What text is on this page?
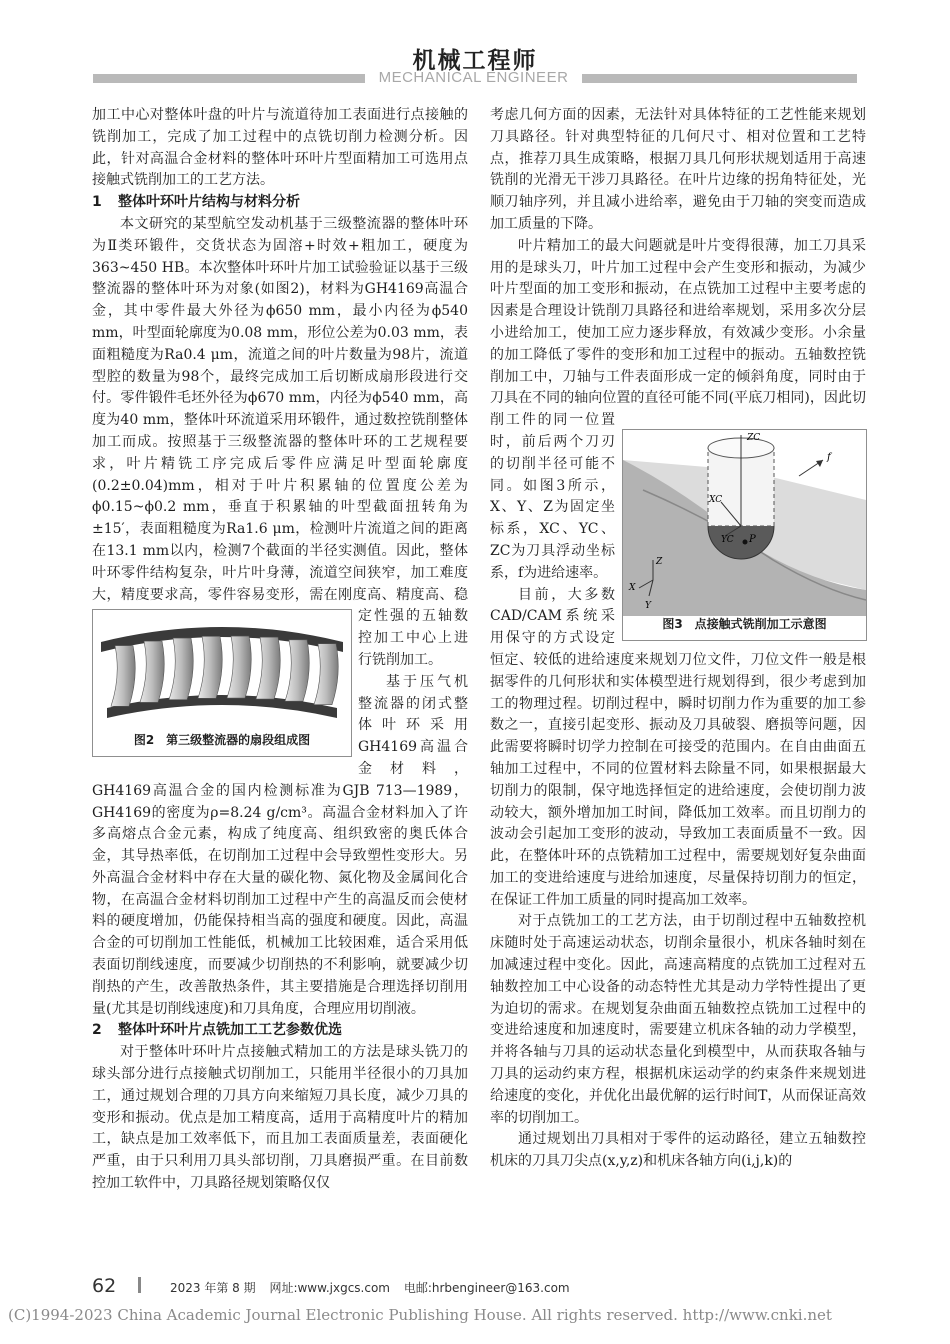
机械工程师
MECHANICAL ENGINEER

加工中心对整体叶盘的叶片与流道待加工表面进行点接触的铣削加工，完成了加工过程中的点铣切削力检测分析。因此，针对高温合金材料的整体叶环叶片型面精加工可选用点接触式铣削加工的工艺方法。

1 整体叶环叶片结构与材料分析

本文研究的某型航空发动机基于三级整流器的整体叶环为Ⅱ类环锻件，交货状态为固溶+时效+粗加工，硬度为363~450 HB。本次整体叶环叶片加工试验验证以基于三级整流器的整体叶环为对象(如图2)，材料为GH4169高温合金，其中零件最大外径为ϕ650 mm，最小内径为ϕ540 mm，叶型面轮廓度为0.08 mm，形位公差为0.03 mm，表面粗糙度为Ra0.4 μm，流道之间的叶片数量为98片，流道型腔的数量为98个，最终完成加工后切断成扇形段进行交付。零件锻件毛坯外径为ϕ670 mm，内径为ϕ540 mm，高度为40 mm，整体叶环流道采用环锻件，通过数控铣削整体加工而成。按照基于三级整流器的整体叶环的工艺规程要求，叶片精铣工序完成后零件应满足叶型面轮廓度(0.2±0.04)mm，相对于叶片积累轴的位置度公差为ϕ0.15~ϕ0.2 mm，垂直于积累轴的叶型截面扭转角为±15′，表面粗糙度为Ra1.6 μm，检测叶片流道之间的距离在13.1 mm以内，检测7个截面的半径实测值。因此，整体叶环零件结构复杂，叶片叶身薄，流道空间狭窄，加工难度大，精度要求高，零件容易变形，需在刚度高、精度高、稳定性强的五轴数控加工中心上进行铣削加工。

基于压气机整流器的闭式整体叶环采用GH4169高温合金材料，GH4169高温合金的国内检测标准为GJB 713—1989，GH4169的密度为ρ=8.24 g/cm³。高温合金材料加入了许多高熔点合金元素，构成了纯度高、组织致密的奥氏体合金，其导热率低，在切削加工过程中会导致塑性变形大。另外高温合金材料中存在大量的碳化物、氮化物及金属间化合物，在高温合金材料切削加工过程中产生的高温反而会使材料的硬度增加，仍能保持相当高的强度和硬度。因此，高温合金的可切削加工性能低，机械加工比较困难，适合采用低表面切削线速度，而要减少切削热的不利影响，就要减少切削热的产生，改善散热条件，其主要措施是合理选择切削用量(尤其是切削线速度)和刀具角度，合理应用切削液。

2 整体叶环叶片点铣加工工艺参数优选

对于整体叶环叶片点接触式精加工的方法是球头铣刀的球头部分进行点接触式切削加工，只能用半径很小的刀具加工，通过规划合理的刀具方向来缩短刀具长度，减少刀具的变形和振动。优点是加工精度高，适用于高精度叶片的精加工，缺点是加工效率低下，而且加工表面质量差，表面硬化严重，由于只利用刀具头部切削，刀具磨损严重。在目前数控加工软件中，刀具路径规划策略仅仅

图2　第三级整流器的扇段组成图

考虑几何方面的因素，无法针对具体特征的工艺性能来规划刀具路径。针对典型特征的几何尺寸、相对位置和工艺特点，推荐刀具生成策略，根据刀具几何形状规划适用于高速铣削的光滑无干涉刀具路径。在叶片边缘的拐角特征处，光顺刀轴序列，并且减小进给率，避免由于刀轴的突变而造成加工质量的下降。

叶片精加工的最大问题就是叶片变得很薄，加工刀具采用的是球头刀，叶片加工过程中会产生变形和振动，为减少叶片型面的加工变形和振动，在点铣加工过程中主要考虑的因素是合理设计铣削刀具路径和进给率规划，采用多次分层小进给加工，使加工应力逐步释放，有效减少变形。小余量的加工降低了零件的变形和加工过程中的振动。五轴数控铣削加工中，刀轴与工件表面形成一定的倾斜角度，同时由于刀具在不同的轴向位置的直径可能不同(平底刀相同)，因此切削工件的同一位置时，前后两个刀刃的切削半径可能不同。如图3所示，X、Y、Z为固定坐标系，XC、YC、ZC为刀具浮动坐标系，f为进给速率。

目前，大多数CAD/CAM系统采用保守的方式设定恒定、较低的进给速度来规划刀位文件，刀位文件一般是根据零件的几何形状和实体模型进行规划得到，很少考虑到加工的物理过程。切削过程中，瞬时切削力作为重要的加工参数之一，直接引起变形、振动及刀具破裂、磨损等问题，因此需要将瞬时切学力控制在可接受的范围内。在自由曲面五轴加工过程中，不同的位置材料去除量不同，如果根据最大切削力的限制，保守地选择恒定的进给速度，会使切削力波动较大，额外增加加工时间，降低加工效率。而且切削力的波动会引起加工变形的波动，导致加工表面质量不一致。因此，在整体叶环的点铣精加工过程中，需要规划好复杂曲面加工的变进给速度与进给加速度，尽量保持切削力的恒定，在保证工件加工质量的同时提高加工效率。

对于点铣加工的工艺方法，由于切削过程中五轴数控机床随时处于高速运动状态，切削余量很小，机床各轴时刻在加减速过程中变化。因此，高速高精度的点铣加工过程对五轴数控加工中心设备的动态特性尤其是动力学特性提出了更为迫切的需求。在规划复杂曲面五轴数控点铣加工过程中的变进给速度和加速度时，需要建立机床各轴的动力学模型，并将各轴与刀具的运动状态量化到模型中，从而获取各轴与刀具的运动约束方程，根据机床运动学的约束条件来规划进给速度的变化，并优化出最优解的运行时间T，从而保证高效率的切削加工。

通过规划出刀具相对于零件的运动路径，建立五轴数控机床的刀具刀尖点(x,y,z)和机床各轴方向(i,j,k)的

ZC
XC
YC
f
P
Z
X
Y
图3　点接触式铣削加工示意图
62	2023 年第 8 期 网址:www.jxgcs.com 电邮:hrbengineer@163.com
(C)1994-2023 China Academic Journal Electronic Publishing House. All rights reserved. http://www.cnki.net
